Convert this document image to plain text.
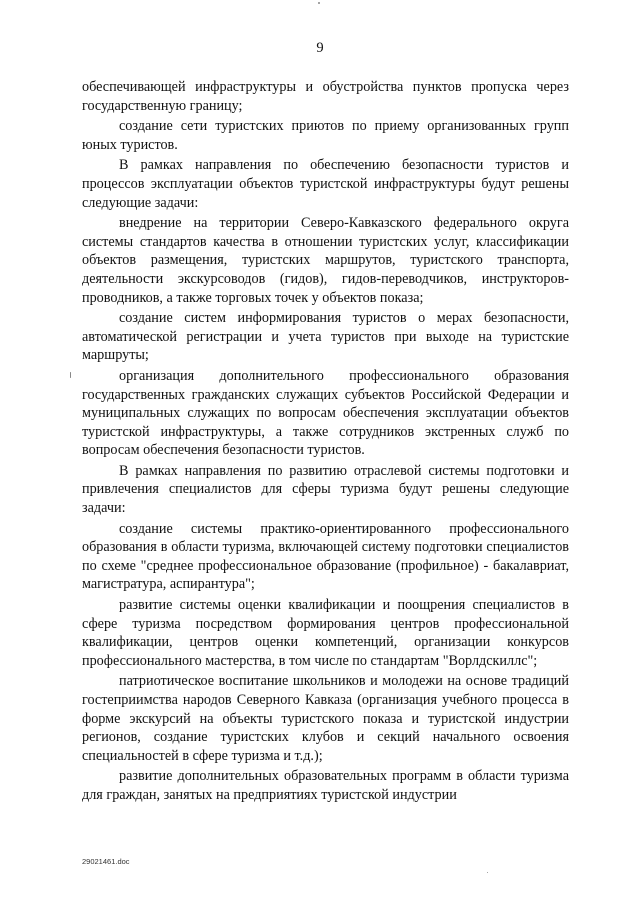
9

обеспечивающей инфраструктуры и обустройства пунктов пропуска через государственную границу;

создание сети туристских приютов по приему организованных групп юных туристов.

В рамках направления по обеспечению безопасности туристов и процессов эксплуатации объектов туристской инфраструктуры будут решены следующие задачи:

внедрение на территории Северо-Кавказского федерального округа системы стандартов качества в отношении туристских услуг, классификации объектов размещения, туристских маршрутов, туристского транспорта, деятельности экскурсоводов (гидов), гидов-переводчиков, инструкторов-проводников, а также торговых точек у объектов показа;

создание систем информирования туристов о мерах безопасности, автоматической регистрации и учета туристов при выходе на туристские маршруты;

организация дополнительного профессионального образования государственных гражданских служащих субъектов Российской Федерации и муниципальных служащих по вопросам обеспечения эксплуатации объектов туристской инфраструктуры, а также сотрудников экстренных служб по вопросам обеспечения безопасности туристов.

В рамках направления по развитию отраслевой системы подготовки и привлечения специалистов для сферы туризма будут решены следующие задачи:

создание системы практико-ориентированного профессионального образования в области туризма, включающей систему подготовки специалистов по схеме "среднее профессиональное образование (профильное) - бакалавриат, магистратура, аспирантура";

развитие системы оценки квалификации и поощрения специалистов в сфере туризма посредством формирования центров профессиональной квалификации, центров оценки компетенций, организации конкурсов профессионального мастерства, в том числе по стандартам "Ворлдскиллс";

патриотическое воспитание школьников и молодежи на основе традиций гостеприимства народов Северного Кавказа (организация учебного процесса в форме экскурсий на объекты туристского показа и туристской индустрии регионов, создание туристских клубов и секций начального освоения специальностей в сфере туризма и т.д.);

развитие дополнительных образовательных программ в области туризма для граждан, занятых на предприятиях туристской индустрии

29021461.doc
